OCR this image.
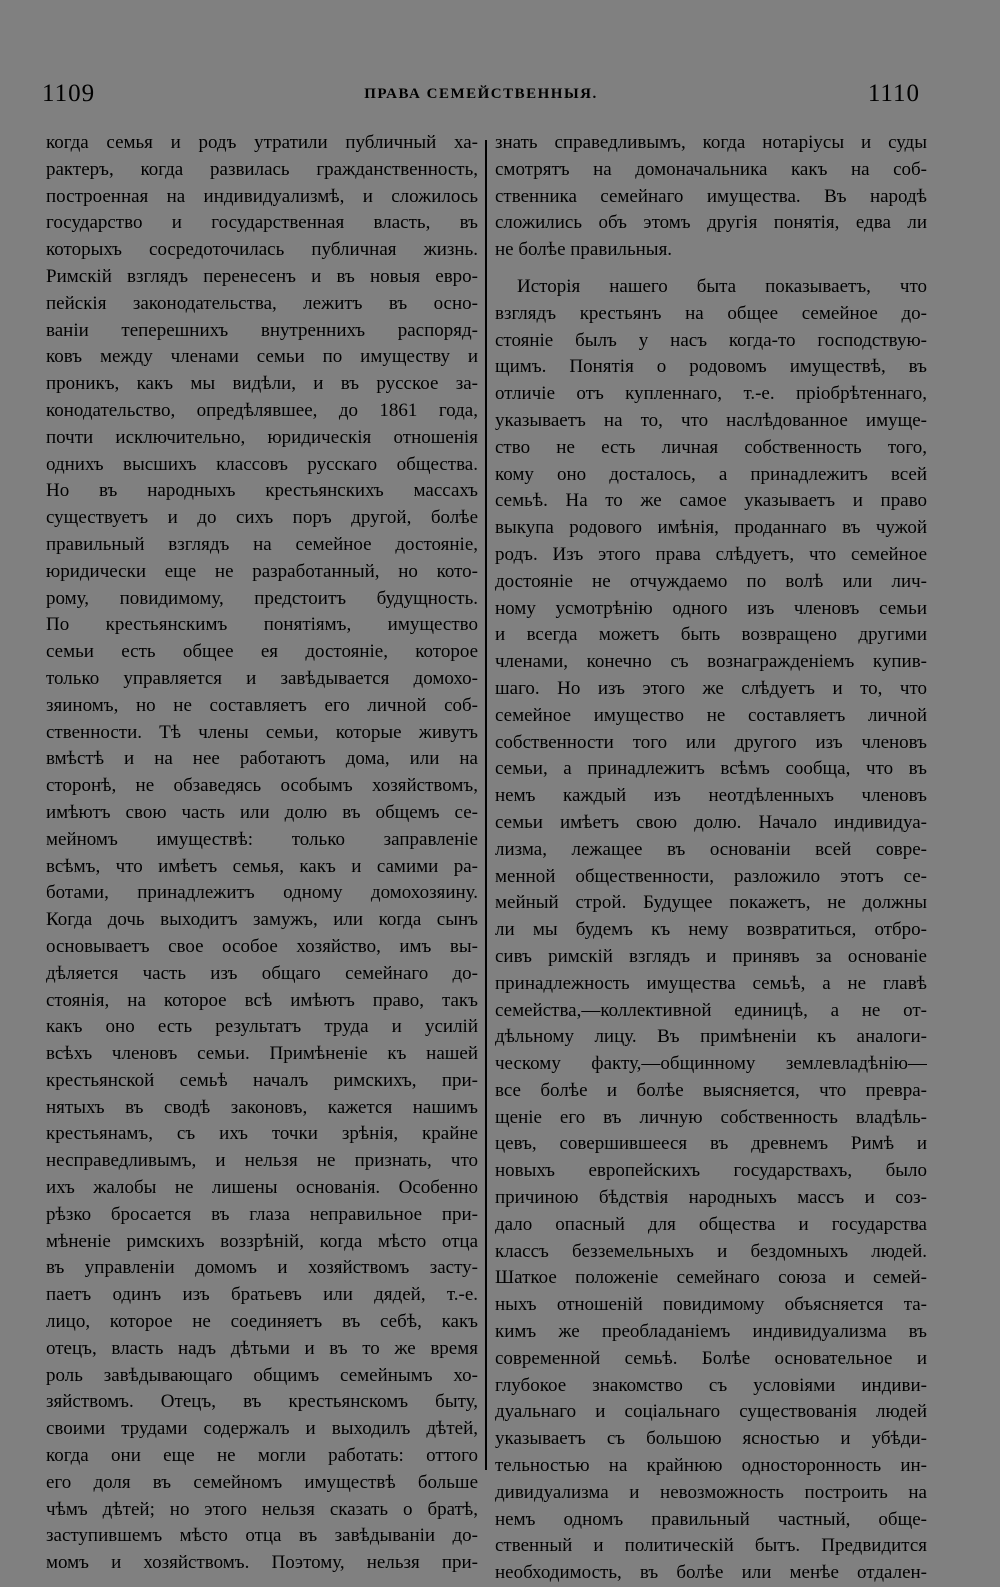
1109	ПРАВА СЕМЕЙСТВЕННЫЯ.	1110
когда семья и родъ утратили публичный ха-
рактеръ, когда развилась гражданственность,
построенная на индивидуализмѣ, и сложилось
государство и государственная власть, въ
которыхъ сосредоточилась публичная жизнь.
Римскій взглядъ перенесенъ и въ новыя евро-
пейскія законодательства, лежитъ въ осно-
ваніи теперешнихъ внутреннихъ распоряд-
ковъ между членами семьи по имуществу и
проникъ, какъ мы видѣли, и въ русское за-
конодательство, опредѣлявшее, до 1861 года,
почти исключительно, юридическія отношенія
однихъ высшихъ классовъ русскаго общества.
Но въ народныхъ крестьянскихъ массахъ
существуетъ и до сихъ поръ другой, болѣе
правильный взглядъ на семейное достояніе,
юридически еще не разработанный, но кото-
рому, повидимому, предстоитъ будущность.
По крестьянскимъ понятіямъ, имущество
семьи есть общее ея достояніе, которое
только управляется и завѣдывается домохо-
зяиномъ, но не составляетъ его личной соб-
ственности. Тѣ члены семьи, которые живутъ
вмѣстѣ и на нее работаютъ дома, или на
сторонѣ, не обзаведясь особымъ хозяйствомъ,
имѣютъ свою часть или долю въ общемъ се-
мейномъ имуществѣ: только заправленіе
всѣмъ, что имѣетъ семья, какъ и самими ра-
ботами, принадлежитъ одному домохозяину.
Когда дочь выходитъ замужъ, или когда сынъ
основываетъ свое особое хозяйство, имъ вы-
дѣляется часть изъ общаго семейнаго до-
стоянія, на которое всѣ имѣютъ право, такъ
какъ оно есть результатъ труда и усилій
всѣхъ членовъ семьи. Примѣненіе къ нашей
крестьянской семьѣ началъ римскихъ, при-
нятыхъ въ сводѣ законовъ, кажется нашимъ
крестьянамъ, съ ихъ точки зрѣнія, крайне
несправедливымъ, и нельзя не признать, что
ихъ жалобы не лишены основанія. Особенно
рѣзко бросается въ глаза неправильное при-
мѣненіе римскихъ воззрѣній, когда мѣсто отца
въ управленіи домомъ и хозяйствомъ засту-
паетъ одинъ изъ братьевъ или дядей, т.-е.
лицо, которое не соединяетъ въ себѣ, какъ
отецъ, власть надъ дѣтьми и въ то же время
роль завѣдывающаго общимъ семейнымъ хо-
зяйствомъ. Отецъ, въ крестьянскомъ быту,
своими трудами содержалъ и выходилъ дѣтей,
когда они еще не могли работать: оттого
его доля въ семейномъ имуществѣ больше
чѣмъ дѣтей; но этого нельзя сказать о братѣ,
заступившемъ мѣсто отца въ завѣдываніи до-
момъ и хозяйствомъ. Поэтому, нельзя при-
знать справедливымъ, когда нотаріусы и суды
смотрятъ на домоначальника какъ на соб-
ственника семейнаго имущества. Въ народѣ
сложились объ этомъ другія понятія, едва ли
не болѣе правильныя.
Исторія нашего быта показываетъ, что
взглядъ крестьянъ на общее семейное до-
стояніе былъ у насъ когда-то господствую-
щимъ. Понятія о родовомъ имуществѣ, въ
отличіе отъ купленнаго, т.-е. пріобрѣтеннаго,
указываетъ на то, что наслѣдованное имуще-
ство не есть личная собственность того,
кому оно досталось, а принадлежитъ всей
семьѣ. На то же самое указываетъ и право
выкупа родового имѣнія, проданнаго въ чужой
родъ. Изъ этого права слѣдуетъ, что семейное
достояніе не отчуждаемо по волѣ или лич-
ному усмотрѣнію одного изъ членовъ семьи
и всегда можетъ быть возвращено другими
членами, конечно съ вознагражденіемъ купив-
шаго. Но изъ этого же слѣдуетъ и то, что
семейное имущество не составляетъ личной
собственности того или другого изъ членовъ
семьи, а принадлежитъ всѣмъ сообща, что въ
немъ каждый изъ неотдѣленныхъ членовъ
семьи имѣетъ свою долю. Начало индивидуа-
лизма, лежащее въ основаніи всей совре-
менной общественности, разложило этотъ се-
мейный строй. Будущее покажетъ, не должны
ли мы будемъ къ нему возвратиться, отбро-
сивъ римскій взглядъ и принявъ за основаніе
принадлежность имущества семьѣ, а не главѣ
семейства,—коллективной единицѣ, а не от-
дѣльному лицу. Въ примѣненіи къ аналоги-
ческому факту,—общинному землевладѣнію—
все болѣе и болѣе выясняется, что превра-
щеніе его въ личную собственность владѣль-
цевъ, совершившееся въ древнемъ Римѣ и
новыхъ европейскихъ государствахъ, было
причиною бѣдствія народныхъ массъ и соз-
дало опасный для общества и государства
классъ безземельныхъ и бездомныхъ людей.
Шаткое положеніе семейнаго союза и семей-
ныхъ отношеній повидимому объясняется та-
кимъ же преобладаніемъ индивидуализма въ
современной семьѣ. Болѣе основательное и
глубокое знакомство съ условіями индиви-
дуальнаго и соціальнаго существованія людей
указываетъ съ большою ясностью и убѣди-
тельностью на крайнюю односторонность ин-
дивидуализма и невозможность построить на
немъ одномъ правильный частный, обще-
ственный и политическій бытъ. Предвидится
необходимость, въ болѣе или менѣе отдален-
